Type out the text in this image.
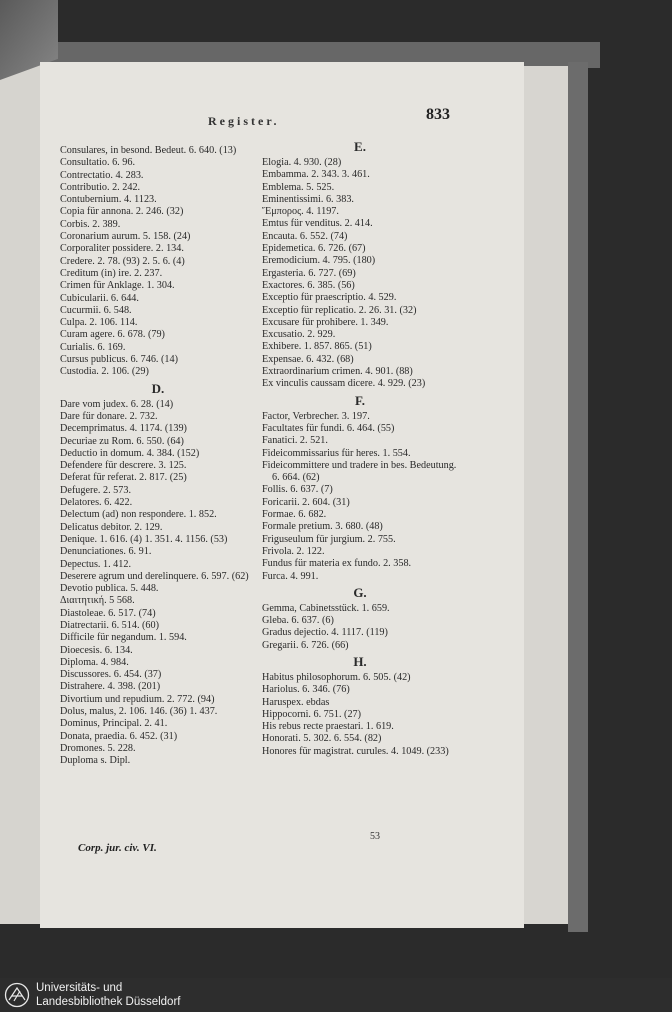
Register.	833
Consulares, in besond. Bedeut. 6. 640. (13)
Consultatio. 6. 96.
Contrectatio. 4. 283.
Contributio. 2. 242.
Contubernium. 4. 1123.
Copia für annona. 2. 246. (32)
Corbis. 2. 389.
Coronarium aurum. 5. 158. (24)
Corporaliter possidere. 2. 134.
Credere. 2. 78. (93) 2. 5. 6. (4)
Creditum (in) ire. 2. 237.
Crimen für Anklage. 1. 304.
Cubicularii. 6. 644.
Cucurmii. 6. 548.
Culpa. 2. 106. 114.
Curam agere. 6. 678. (79)
Curialis. 6. 169.
Cursus publicus. 6. 746. (14)
Custodia. 2. 106. (29)
D.
Dare vom judex. 6. 28. (14)
Dare für donare. 2. 732.
Decemprimatus. 4. 1174. (139)
Decuriae zu Rom. 6. 550. (64)
Deductio in domum. 4. 384. (152)
Defendere für descrere. 3. 125.
Deferat für referat. 2. 817. (25)
Defugere. 2. 573.
Delatores. 6. 422.
Delectum (ad) non respondere. 1. 852.
Delicatus debitor. 2. 129.
Denique. 1. 616. (4) 1. 351. 4. 1156. (53)
Denunciationes. 6. 91.
Depectus. 1. 412.
Deserere agrum und derelinquere. 6. 597. (62)
Devotio publica. 5. 448.
Διαιτητική. 5 568.
Diastoleae. 6. 517. (74)
Diatrectarii. 6. 514. (60)
Difficile für negandum. 1. 594.
Dioecesis. 6. 134.
Diploma. 4. 984.
Discussores. 6. 454. (37)
Distrahere. 4. 398. (201)
Divortium und repudium. 2. 772. (94)
Dolus, malus, 2. 106. 146. (36) 1. 437.
Dominus, Principal. 2. 41.
Donata, praedia. 6. 452. (31)
Dromones. 5. 228.
Duploma s. Dipl.
E.
Elogia. 4. 930. (28)
Embamma. 2. 343. 3. 461.
Emblema. 5. 525.
Eminentissimi. 6. 383.
Ἔμπορος. 4. 1197.
Emtus für venditus. 2. 414.
Encauta. 6. 552. (74)
Epidemetica. 6. 726. (67)
Eremodicium. 4. 795. (180)
Ergasteria. 6. 727. (69)
Exactores. 6. 385. (56)
Exceptio für praescriptio. 4. 529.
Exceptio für replicatio. 2. 26. 31. (32)
Excusare für prohibere. 1. 349.
Excusatio. 2. 929.
Exhibere. 1. 857. 865. (51)
Expensae. 6. 432. (68)
Extraordinarium crimen. 4. 901. (88)
Ex vinculis caussam dicere. 4. 929. (23)
F.
Factor, Verbrecher. 3. 197.
Facultates für fundi. 6. 464. (55)
Fanatici. 2. 521.
Fideicommissarius für heres. 1. 554.
Fideicommittere und tradere in bes. Bedeutung. 6. 664. (62)
Follis. 6. 637. (7)
Foricarii. 2. 604. (31)
Formae. 6. 682.
Formale pretium. 3. 680. (48)
Friguseulum für jurgium. 2. 755.
Frivola. 2. 122.
Fundus für materia ex fundo. 2. 358.
Furca. 4. 991.
G.
Gemma, Cabinetsstück. 1. 659.
Gleba. 6. 637. (6)
Gradus dejectio. 4. 1117. (119)
Gregarii. 6. 726. (66)
H.
Habitus philosophorum. 6. 505. (42)
Hariolus. 6. 346. (76)
Haruspex. ebdas
Hippocorni. 6. 751. (27)
His rebus recte praestari. 1. 619.
Honorati. 5. 302. 6. 554. (82)
Honores für magistrat. curules. 4. 1049. (233)
Corp. jur. civ. VI.
53
Universitäts- und
Landesbibliothek Düsseldorf
